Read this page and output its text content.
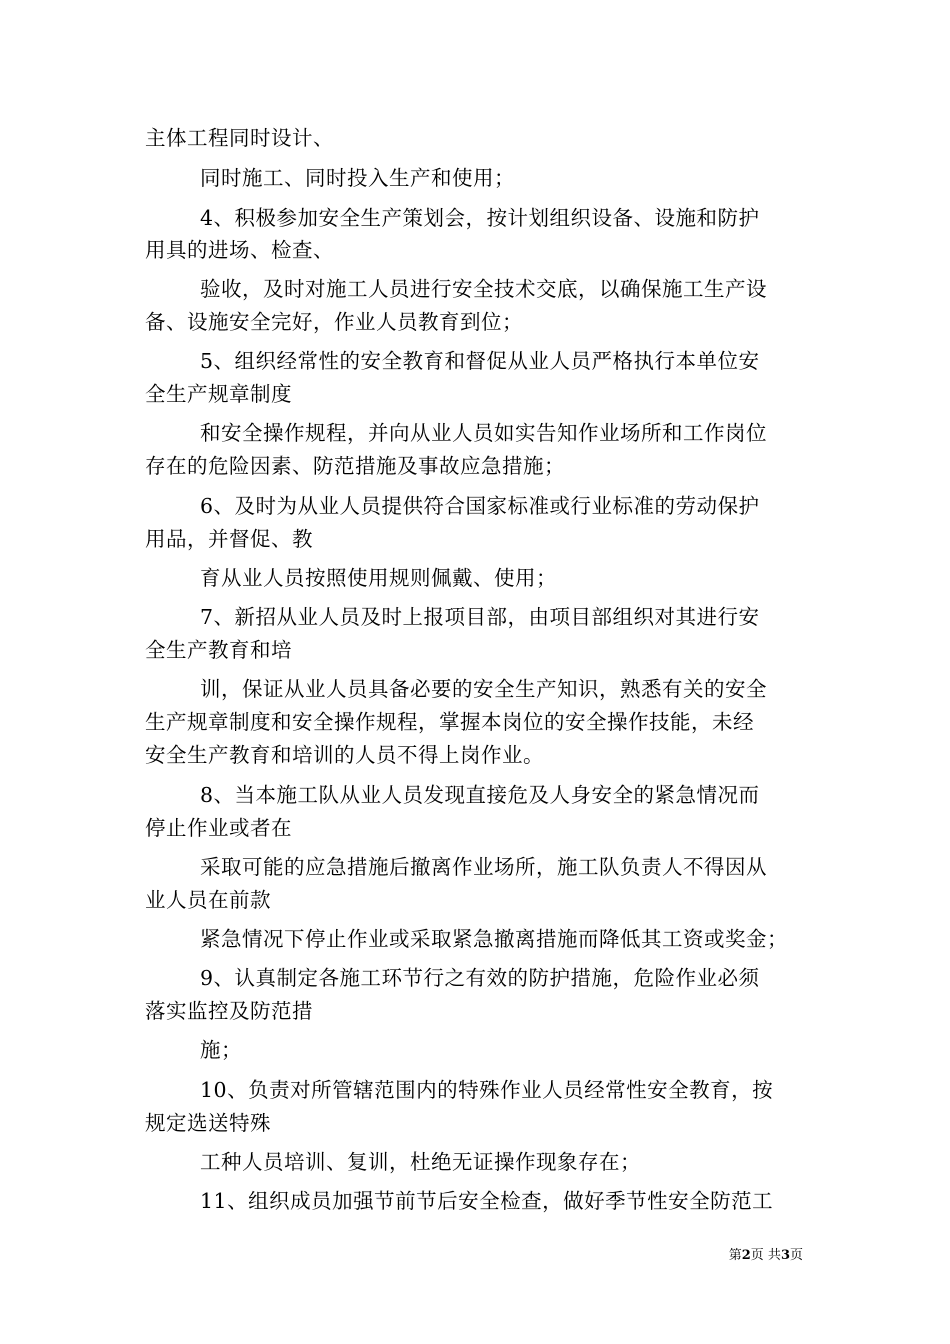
主体工程同时设计、
同时施工、同时投入生产和使用；
4、积极参加安全生产策划会，按计划组织设备、设施和防护
用具的进场、检查、
验收，及时对施工人员进行安全技术交底，以确保施工生产设
备、设施安全完好，作业人员教育到位；
5、组织经常性的安全教育和督促从业人员严格执行本单位安
全生产规章制度
和安全操作规程，并向从业人员如实告知作业场所和工作岗位
存在的危险因素、防范措施及事故应急措施；
6、及时为从业人员提供符合国家标准或行业标准的劳动保护
用品，并督促、教
育从业人员按照使用规则佩戴、使用；
7、新招从业人员及时上报项目部，由项目部组织对其进行安
全生产教育和培
训，保证从业人员具备必要的安全生产知识，熟悉有关的安全
生产规章制度和安全操作规程，掌握本岗位的安全操作技能，未经
安全生产教育和培训的人员不得上岗作业。
8、当本施工队从业人员发现直接危及人身安全的紧急情况而
停止作业或者在
采取可能的应急措施后撤离作业场所，施工队负责人不得因从
业人员在前款
紧急情况下停止作业或采取紧急撤离措施而降低其工资或奖金；
9、认真制定各施工环节行之有效的防护措施，危险作业必须
落实监控及防范措
施；
10、负责对所管辖范围内的特殊作业人员经常性安全教育，按
规定选送特殊
工种人员培训、复训，杜绝无证操作现象存在；
11、组织成员加强节前节后安全检查，做好季节性安全防范工
第2页 共3页
